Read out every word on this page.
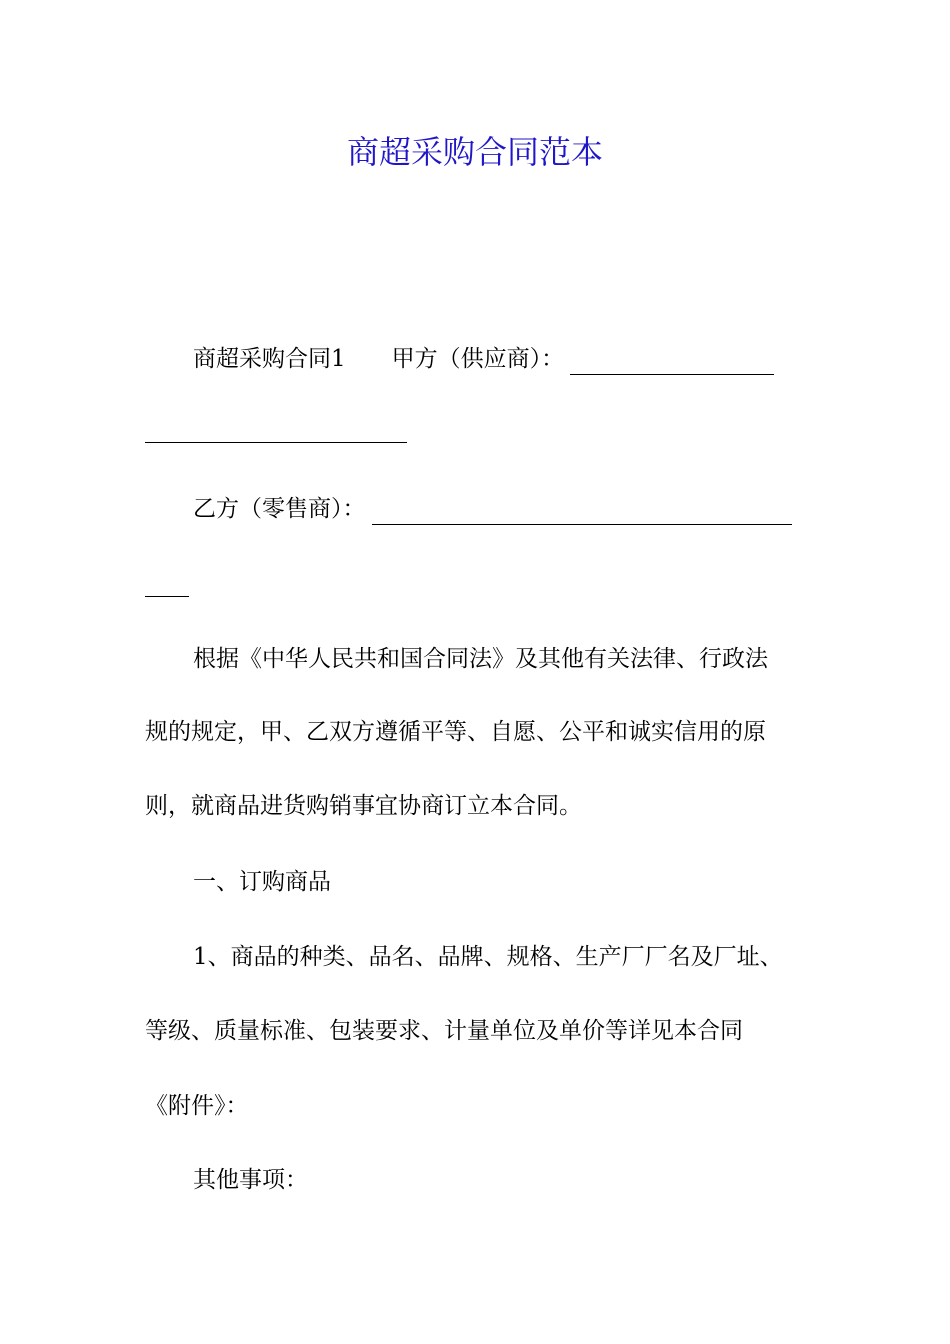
商超采购合同范本
商超采购合同1 甲方（供应商）：
乙方（零售商）：
根据《中华人民共和国合同法》及其他有关法律、行政法
规的规定，甲、乙双方遵循平等、自愿、公平和诚实信用的原
则，就商品进货购销事宜协商订立本合同。
一、订购商品
1、商品的种类、品名、品牌、规格、生产厂厂名及厂址、
等级、质量标准、包装要求、计量单位及单价等详见本合同
《附件》：
其他事项：
